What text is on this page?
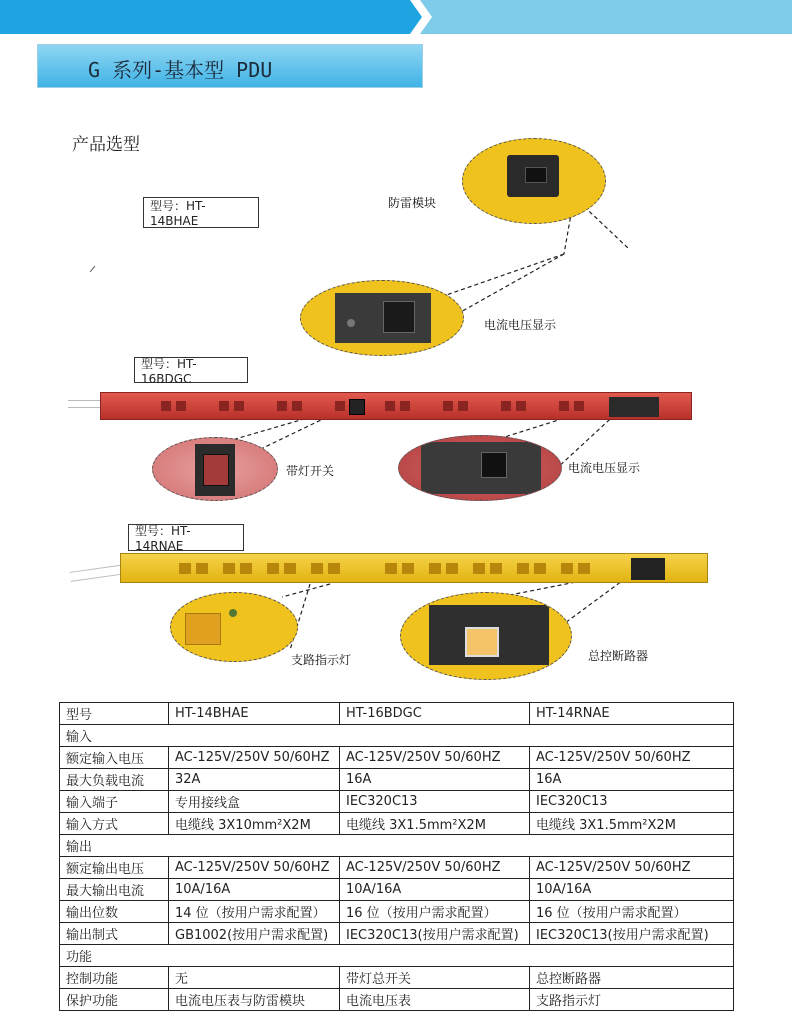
G 系列-基本型 PDU
产品选型
型号：HT-14BHAE
防雷模块
电流电压显示
型号：HT-16BDGC
带灯开关	电流电压显示
型号：HT-14RNAE
支路指示灯	总控断路器
型号	HT-14BHAE	HT-16BDGC	HT-14RNAE
输入			
额定输入电压	AC-125V/250V 50/60HZ	AC-125V/250V 50/60HZ	AC-125V/250V 50/60HZ
最大负载电流	32A	16A	16A
输入端子	专用接线盒	IEC320C13	IEC320C13
输入方式	电缆线 3X10mm²X2M	电缆线 3X1.5mm²X2M	电缆线 3X1.5mm²X2M
输出			
额定输出电压	AC-125V/250V 50/60HZ	AC-125V/250V 50/60HZ	AC-125V/250V 50/60HZ
最大输出电流	10A/16A	10A/16A	10A/16A
输出位数	14 位（按用户需求配置）	16 位（按用户需求配置）	16 位（按用户需求配置）
输出制式	GB1002(按用户需求配置)	IEC320C13(按用户需求配置)	IEC320C13(按用户需求配置)
功能			
控制功能	无	带灯总开关	总控断路器
保护功能	电流电压表与防雷模块	电流电压表	支路指示灯
